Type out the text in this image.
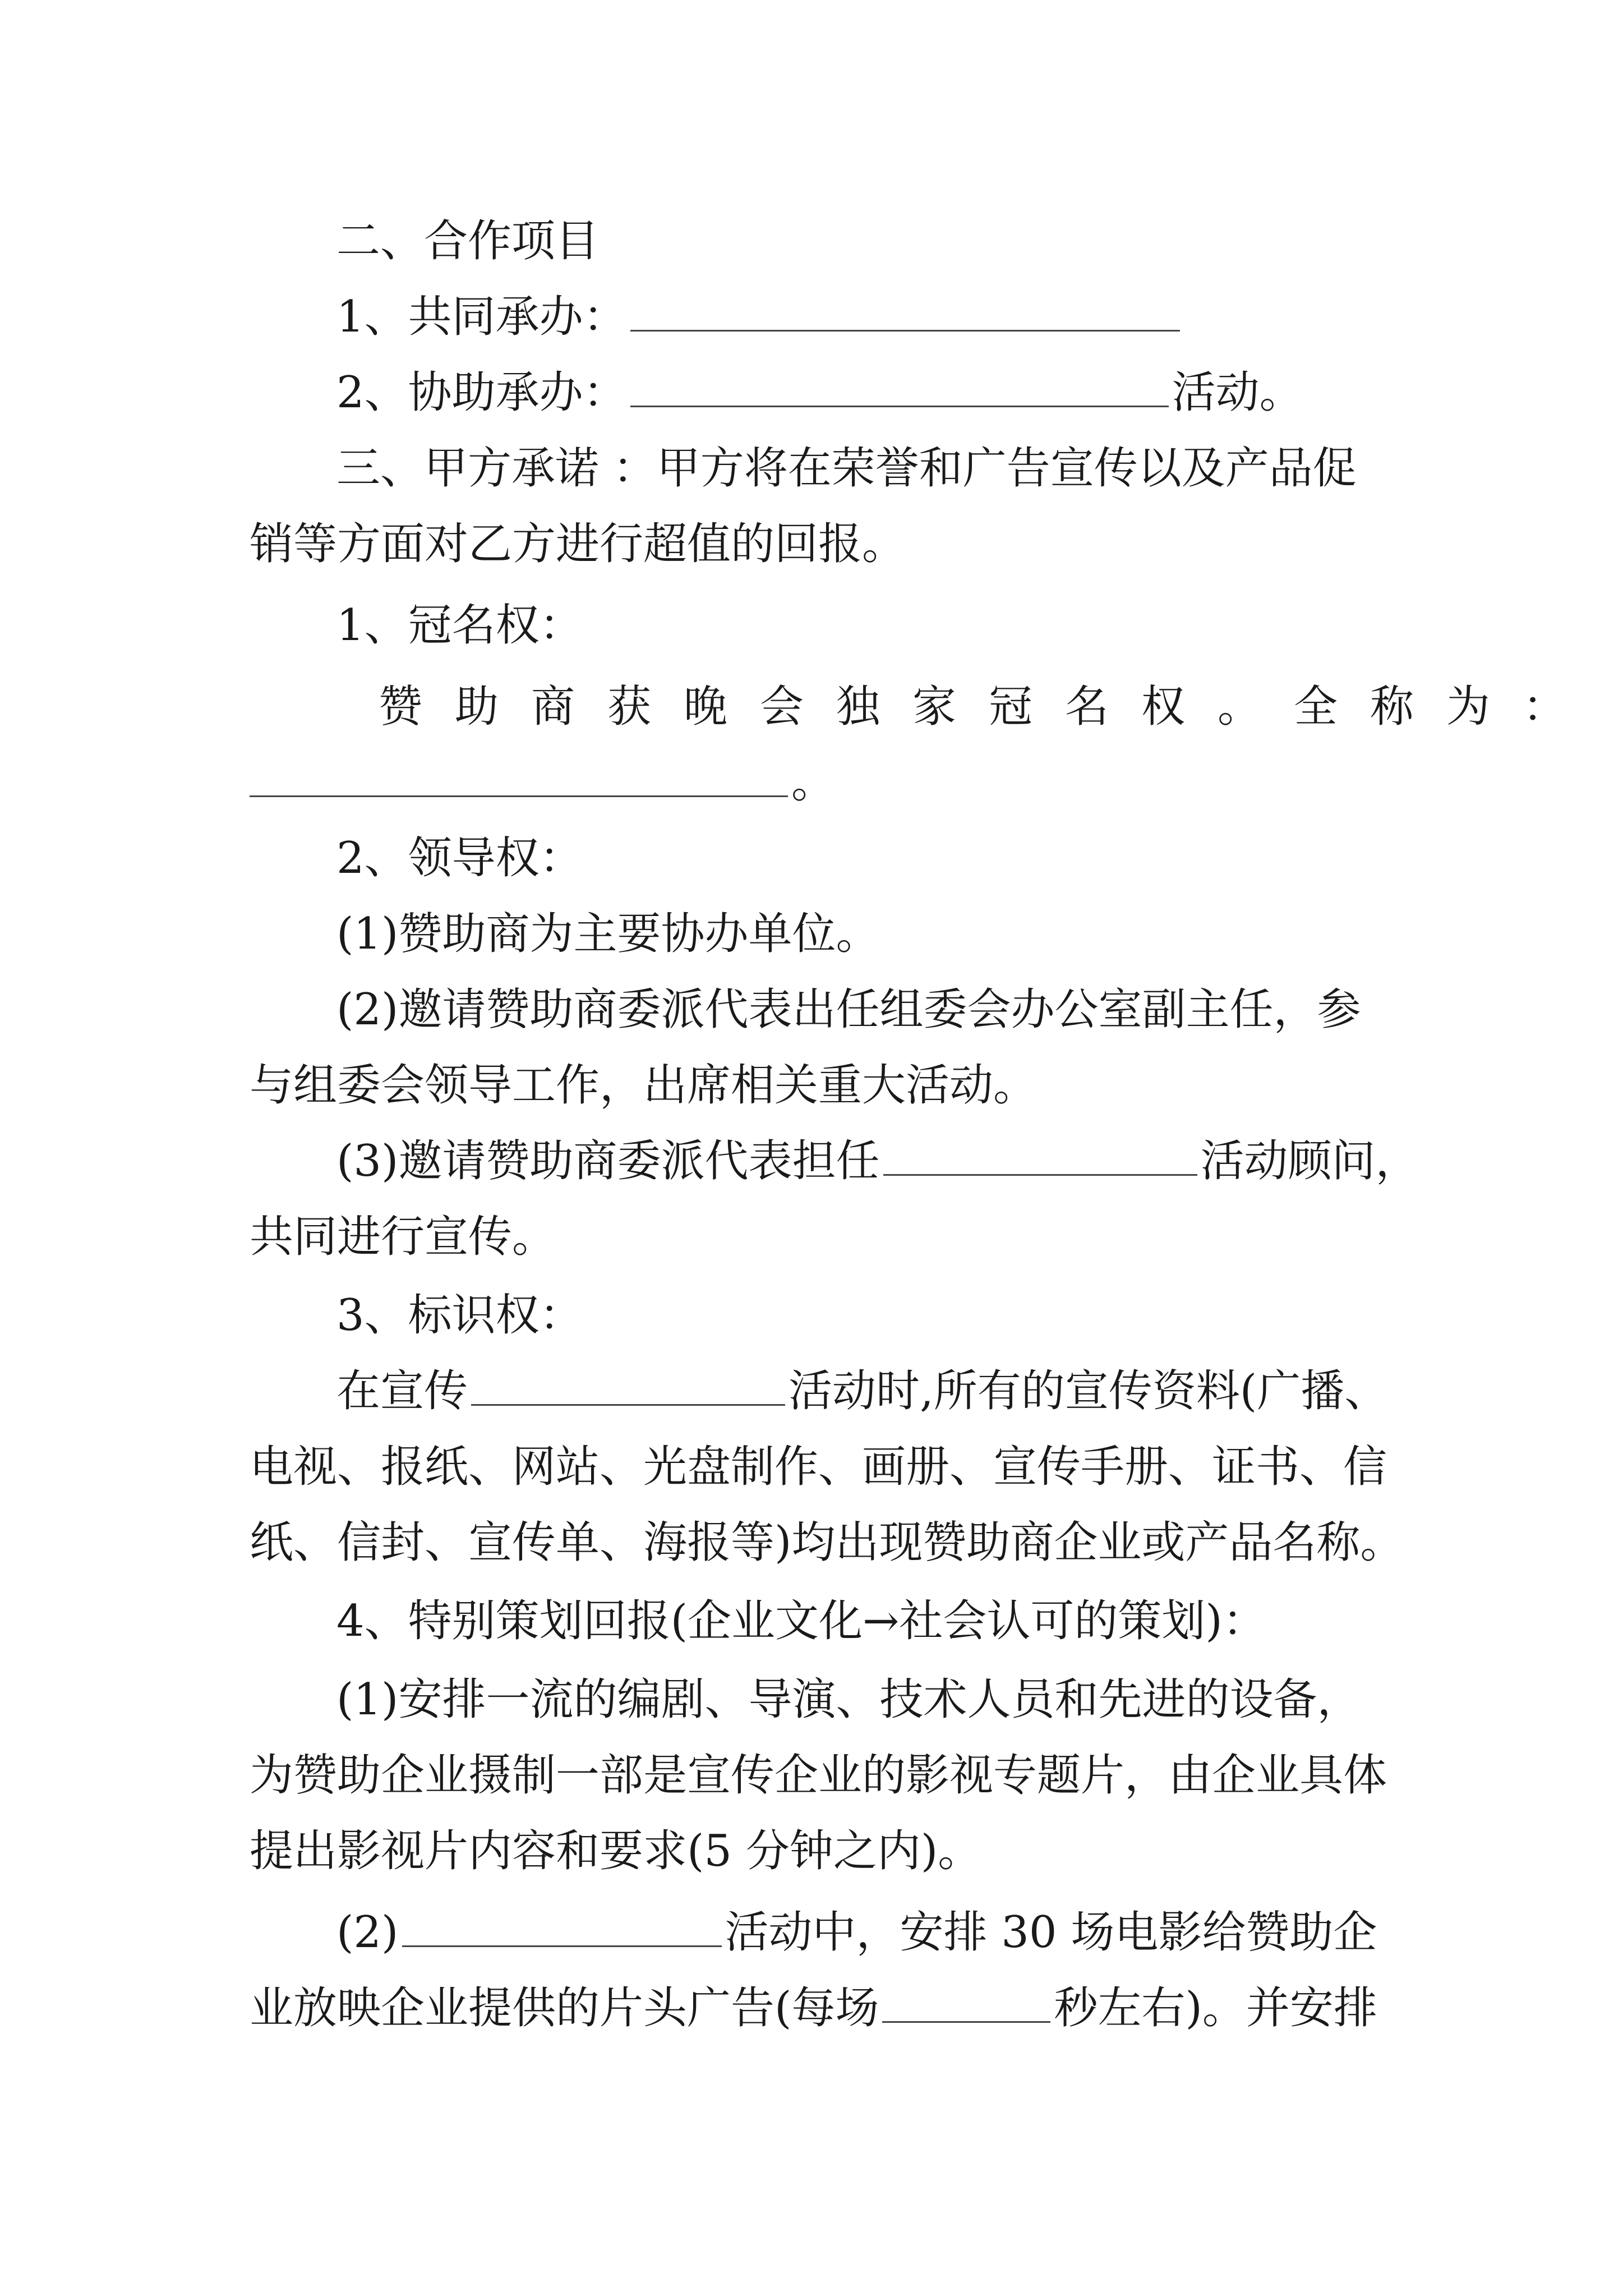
二、合作项目
1、共同承办：
2、协助承办：	活动。
三、甲方承诺 ：甲方将在荣誉和广告宣传以及产品促
销等方面对乙方进行超值的回报。
1、冠名权：
赞助商获晚会独家冠名权。全称为：
。
2、领导权：
(1)赞助商为主要协办单位。
(2)邀请赞助商委派代表出任组委会办公室副主任，参
与组委会领导工作，出席相关重大活动。
(3)邀请赞助商委派代表担任	活动顾问，
共同进行宣传。
3、标识权：
在宣传	活动时,所有的宣传资料(广播、
电视、报纸、网站、光盘制作、画册、宣传手册、证书、信
纸、信封、宣传单、海报等)均出现赞助商企业或产品名称。
4、特别策划回报(企业文化→社会认可的策划)：
(1)安排一流的编剧、导演、技术人员和先进的设备，
为赞助企业摄制一部是宣传企业的影视专题片，由企业具体
提出影视片内容和要求(5 分钟之内)。
(2)	活动中，安排 30 场电影给赞助企
业放映企业提供的片头广告(每场	秒左右)。并安排
